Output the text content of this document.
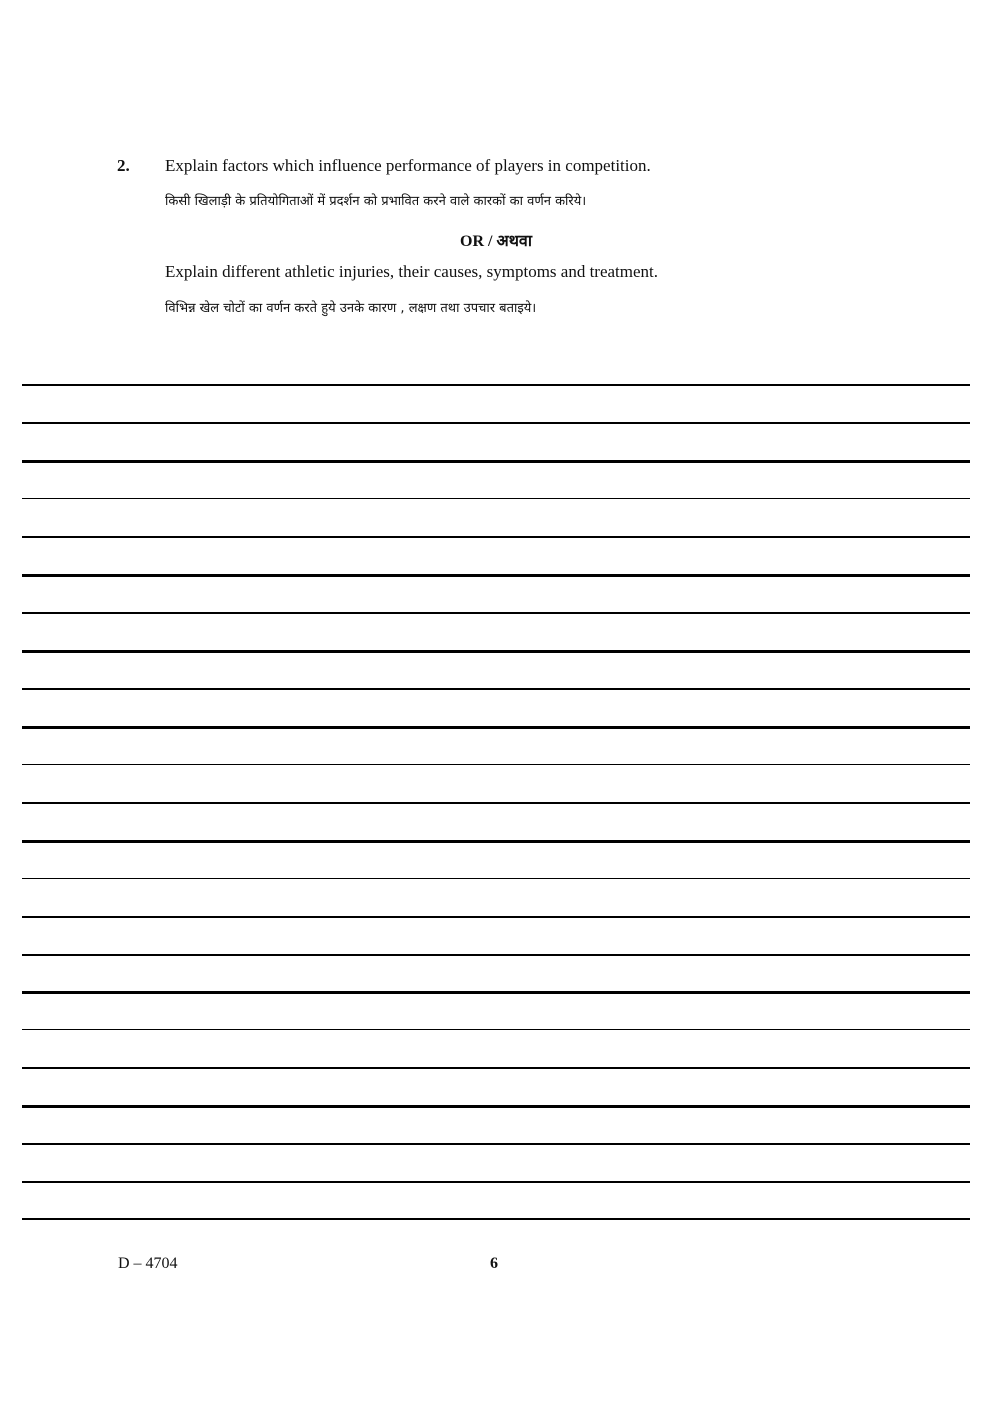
2. Explain factors which influence performance of players in competition.
किसी खिलाड़ी के प्रतियोगिताओं में प्रदर्शन को प्रभावित करने वाले कारकों का वर्णन करिये।
OR / अथवा
Explain different athletic injuries, their causes, symptoms and treatment.
विभिन्न खेल चोटों का वर्णन करते हुये उनके कारण , लक्षण तथा उपचार बताइये।
D – 4704	6
